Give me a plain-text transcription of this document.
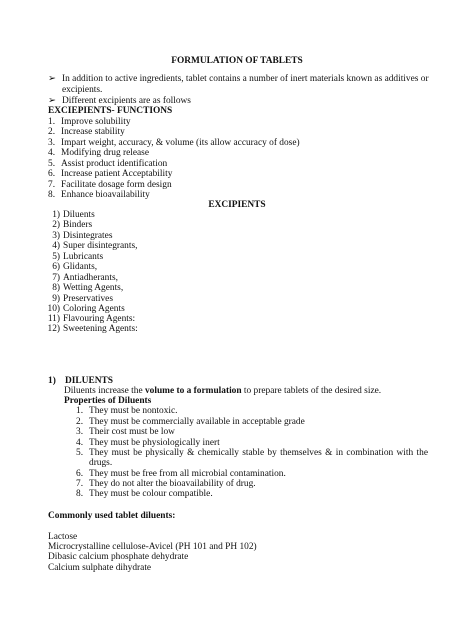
FORMULATION OF TABLETS
➢ In addition to active ingredients, tablet contains a number of inert materials known as additives or
excipients.
➢ Different excipients are as follows
EXCIEPIENTS- FUNCTIONS
1. Improve solubility
2. Increase stability
3. Impart weight, accuracy, & volume (its allow accuracy of dose)
4. Modifying drug release
5. Assist product identification
6. Increase patient Acceptability
7. Facilitate dosage form design
8. Enhance bioavailability
EXCIPIENTS
1) Diluents
2) Binders
3) Disintegrates
4) Super disintegrants,
5) Lubricants
6) Glidants,
7) Antiadherants,
8) Wetting Agents,
9) Preservatives
10) Coloring Agents
11) Flavouring Agents:
12) Sweetening Agents:
1) DILUENTS
Diluents increase the volume to a formulation to prepare tablets of the desired size.
Properties of Diluents
1. They must be nontoxic.
2. They must be commercially available in acceptable grade
3. Their cost must be low
4. They must be physiologically inert
5. They must be physically & chemically stable by themselves & in combination with the drugs.
6. They must be free from all microbial contamination.
7. They do not alter the bioavailability of drug.
8. They must be colour compatible.
Commonly used tablet diluents:
Lactose
Microcrystalline cellulose-Avicel (PH 101 and PH 102)
Dibasic calcium phosphate dehydrate
Calcium sulphate dihydrate
